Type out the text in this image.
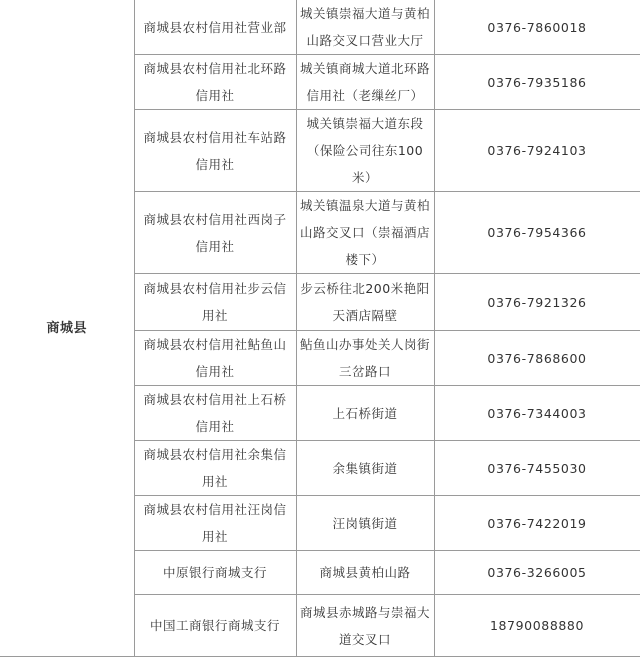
商城县	商城县农村信用社营业部	城关镇崇福大道与黄柏山路交叉口营业大厅	0376-7860018
	商城县农村信用社北环路信用社	城关镇商城大道北环路信用社（老缫丝厂）	0376-7935186
	商城县农村信用社车站路信用社	城关镇崇福大道东段（保险公司往东100米）	0376-7924103
	商城县农村信用社西岗子信用社	城关镇温泉大道与黄柏山路交叉口（崇福酒店楼下）	0376-7954366
	商城县农村信用社步云信用社	步云桥往北200米艳阳天酒店隔壁	0376-7921326
	商城县农村信用社鲇鱼山信用社	鲇鱼山办事处关人岗街三岔路口	0376-7868600
	商城县农村信用社上石桥信用社	上石桥街道	0376-7344003
	商城县农村信用社余集信用社	余集镇街道	0376-7455030
	商城县农村信用社汪岗信用社	汪岗镇街道	0376-7422019
	中原银行商城支行	商城县黄柏山路	0376-3266005
	中国工商银行商城支行	商城县赤城路与崇福大道交叉口	18790088880
